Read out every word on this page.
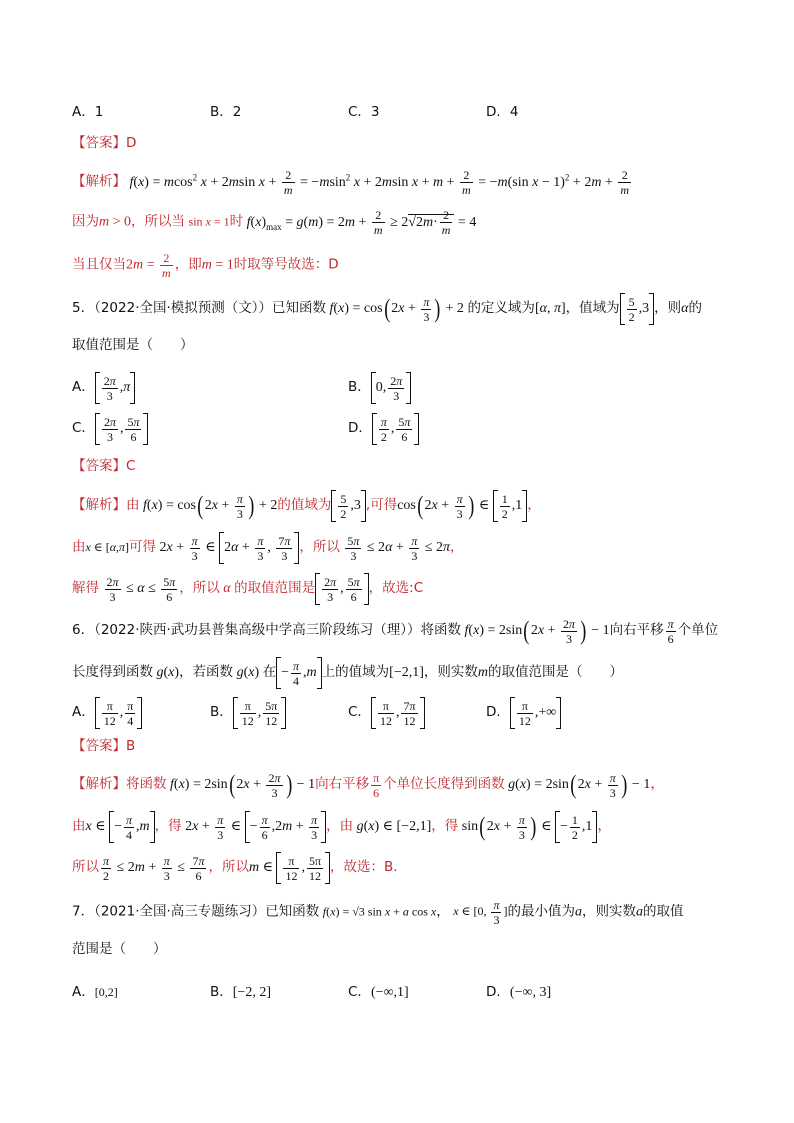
A．1	B．2	C．3	D．4
【答案】D
【解析】 f(x) = mcos$^2$ x + 2msin $x + \frac{2}{m} = -msin^2$ x + 2msin $x + m + \frac{2}{m} = -m(\sin$ $x - 1)^2 + 2m + \frac{2}{m}$
因为m > 0，所以当 sin x = 1时 $f(x)_{max} = g(m) = 2m + \frac{2}{m} \ge 2√2m\cdot \frac{2}{m} = 4$
当且仅当$2m = \frac{2}{m}$ ，即m = 1时取等号故选：D
5．（2022·全国·模拟预测（文））已知函数 $f(x) = \cos(2x + \frac{\pi}{3}$ ) + 2 的定义域为[α, π]，值域为 $\frac{5}{2} ,3$ ，则α的
取值范围是（　　）
A． $\frac{2\pi}{3} ,\pi$	B． 0, $\frac{2\pi}{3}$
C． $\frac{2\pi}{3}$ , $\frac{5\pi}{6}$	D． $\frac{\pi}{2}$ , $\frac{5\pi}{6}$
【答案】C
【解析】由 $f(x) = \cos(2x + \frac{\pi}{3}$ ) + 2的值域为 $\frac{5}{2} ,3$ ,可得$\cos(2x + \frac{\pi}{3}$ ) ∈ $\frac{1}{2} ,1$ ，
由x ∈ [α,π]可得 $2x + \frac{\pi}{3}$ ∈ $2\alpha + \frac{\pi}{3}$ , $\frac{7\pi}{3}$ ，所以 $\frac{5\pi}{3} \le 2\alpha + \frac{\pi}{3} \le 2\pi$，
解得 $\frac{2\pi}{3} \le \alpha \le \frac{5\pi}{6}$ ，所以 α 的取值范围是 $\frac{2\pi}{3}$ , $\frac{5\pi}{6}$ ，故选:C
6．（2022·陕西·武功县普集高级中学高三阶段练习（理））将函数 $f(x) = 2\sin(2x + \frac{2\pi}{3}$ ) − 1向右平移 $\frac{\pi}{6}$ 个单位
长度得到函数 g(x)，若函数 g(x) 在 − $\frac{\pi}{4} ,m$ 上的值域为[−2,1]，则实数m的取值范围是（　　）
A． $\frac{\pi}{12}$ , $\frac{\pi}{4}$	B． $\frac{\pi}{12}$ , $\frac{5\pi}{12}$	C． $\frac{\pi}{12}$ , $\frac{7\pi}{12}$	D． $\frac{\pi}{12}$ ,+∞
【答案】B
【解析】将函数 $f(x) = 2\sin(2x + \frac{2\pi}{3}$ ) − 1向右平移 $\frac{\pi}{6}$ 个单位长度得到函数 $g(x) = 2\sin(2x + \frac{\pi}{3}$ ) − 1，
由x ∈ − $\frac{\pi}{4} ,m$ ，得 $2x + \frac{\pi}{3}$ ∈ − $\frac{\pi}{6} ,2m + \frac{\pi}{3}$ ，由 g(x) ∈ [−2,1]，得 $\sin(2x + \frac{\pi}{3}$ ) ∈ − $\frac{1}{2} ,1$ ，
所以 $\frac{\pi}{2} \le 2m + \frac{\pi}{3} \le \frac{7\pi}{6}$ ，所以m ∈ $\frac{\pi}{12}$ , $\frac{5\pi}{12}$ ，故选：B.
7．（2021·全国·高三专题练习）已知函数 f(x) = √3 sin x + a cos x， x ∈ [0, $\frac{\pi}{3}$ ]的最小值为a，则实数a的取值
范围是（　　）
A．[0,2]	B．[−2, 2]	C．(−∞,1]	D．(−∞, 3]
